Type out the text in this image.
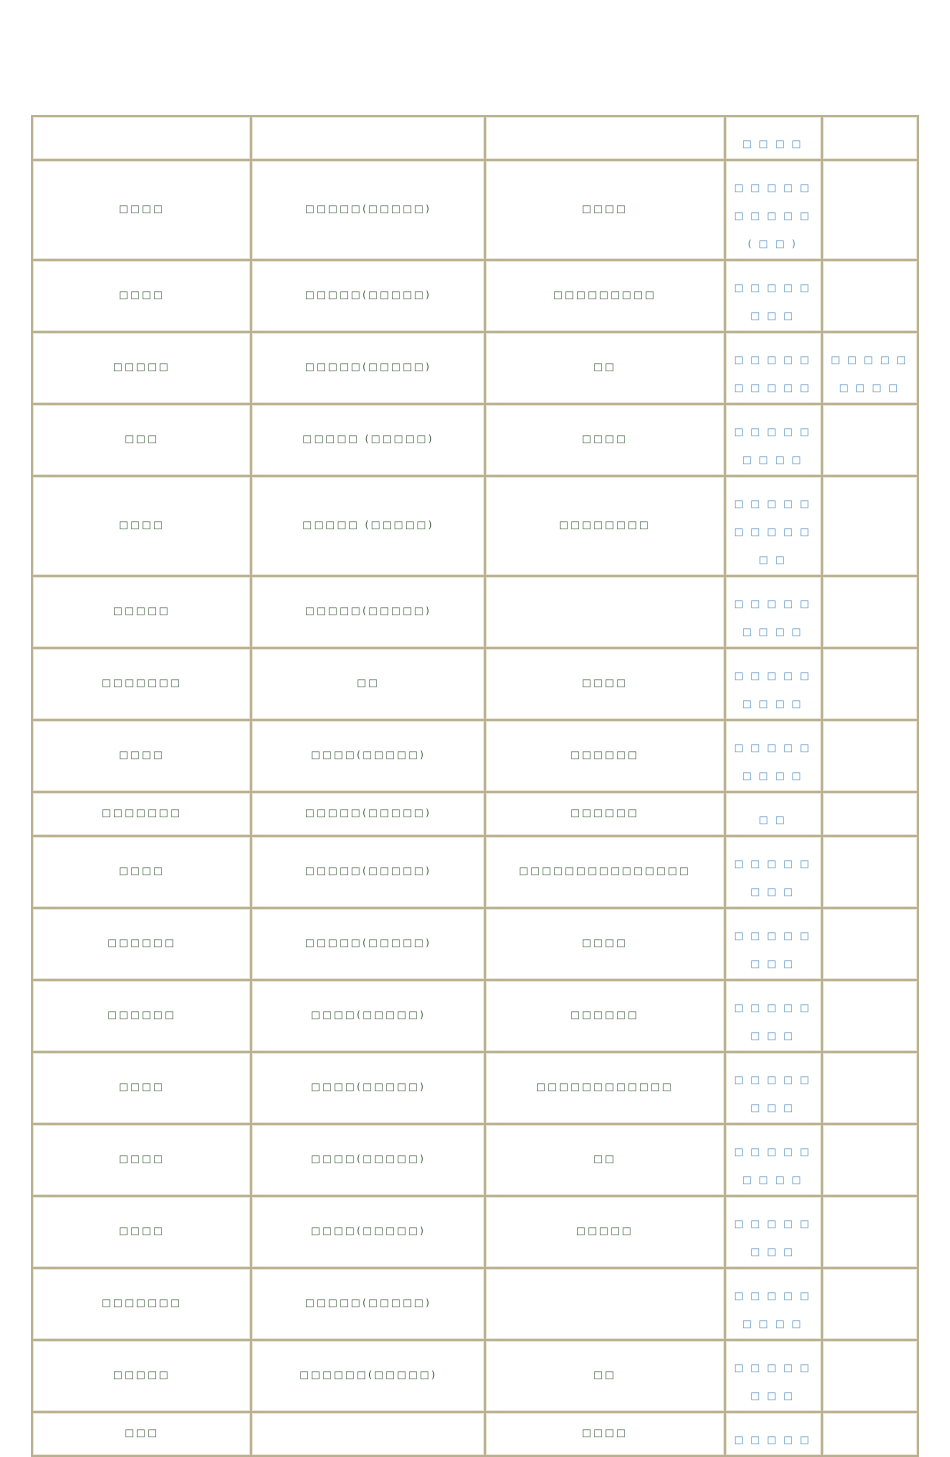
			□□□□	
□□□□	□□□□□(□□□□□)	□□□□	□□□□□
□□□□□
(□□)	
□□□□	□□□□□(□□□□□)	□□□□□□□□□	□□□□□
□□□	
□□□□□	□□□□□(□□□□□)	□□	□□□□□
□□□□□	□□□□□
□□□□
□□□	□□□□□ (□□□□□)	□□□□	□□□□□
□□□□	
□□□□	□□□□□ (□□□□□)	□□□□□□□□	□□□□□
□□□□□
□□	
□□□□□	□□□□□(□□□□□)		□□□□□
□□□□	
□□□□□□□	□□	□□□□	□□□□□
□□□□	
□□□□	□□□□(□□□□□)	□□□□□□	□□□□□
□□□□	
□□□□□□□	□□□□□(□□□□□)	□□□□□□	□□	
□□□□	□□□□□(□□□□□)	□□□□□□□□□□□□□□□	□□□□□
□□□	
□□□□□□	□□□□□(□□□□□)	□□□□	□□□□□
□□□	
□□□□□□	□□□□(□□□□□)	□□□□□□	□□□□□
□□□	
□□□□	□□□□(□□□□□)	□□□□□□□□□□□□	□□□□□
□□□	
□□□□	□□□□(□□□□□)	□□	□□□□□
□□□□	
□□□□	□□□□(□□□□□)	□□□□□	□□□□□
□□□	
□□□□□□□	□□□□□(□□□□□)		□□□□□
□□□□	
□□□□□	□□□□□□(□□□□□)	□□	□□□□□
□□□	
□□□		□□□□	□□□□□	
